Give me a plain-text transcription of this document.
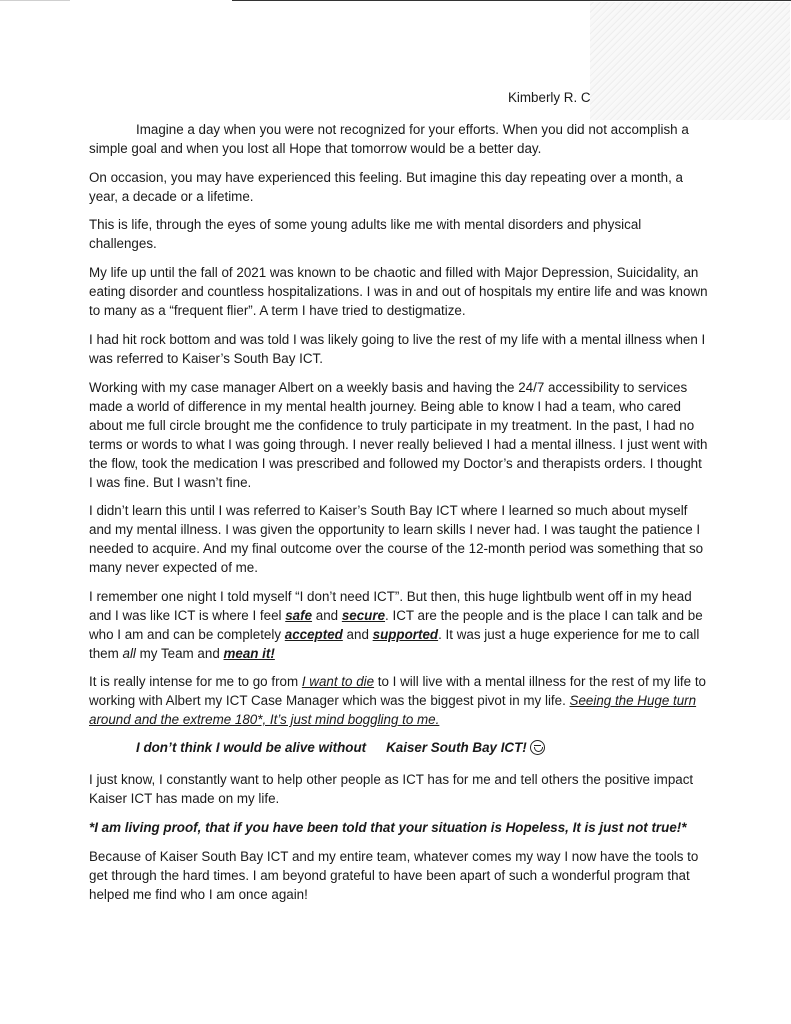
Kimberly R. C

Imagine a day when you were not recognized for your efforts. When you did not accomplish a simple goal and when you lost all Hope that tomorrow would be a better day.

On occasion, you may have experienced this feeling. But imagine this day repeating over a month, a year, a decade or a lifetime.

This is life, through the eyes of some young adults like me with mental disorders and physical challenges.

My life up until the fall of 2021 was known to be chaotic and filled with Major Depression, Suicidality, an eating disorder and countless hospitalizations. I was in and out of hospitals my entire life and was known to many as a “frequent flier”. A term I have tried to destigmatize.

I had hit rock bottom and was told I was likely going to live the rest of my life with a mental illness when I was referred to Kaiser’s South Bay ICT.

Working with my case manager Albert on a weekly basis and having the 24/7 accessibility to services made a world of difference in my mental health journey. Being able to know I had a team, who cared about me full circle brought me the confidence to truly participate in my treatment. In the past, I had no terms or words to what I was going through. I never really believed I had a mental illness. I just went with the flow, took the medication I was prescribed and followed my Doctor’s and therapists orders. I thought I was fine. But I wasn’t fine.

I didn’t learn this until I was referred to Kaiser’s South Bay ICT where I learned so much about myself and my mental illness. I was given the opportunity to learn skills I never had. I was taught the patience I needed to acquire. And my final outcome over the course of the 12-month period was something that so many never expected of me.

I remember one night I told myself “I don’t need ICT”. But then, this huge lightbulb went off in my head and I was like ICT is where I feel safe and secure. ICT are the people and is the place I can talk and be who I am and can be completely accepted and supported. It was just a huge experience for me to call them all my Team and mean it!

It is really intense for me to go from I want to die to I will live with a mental illness for the rest of my life to working with Albert my ICT Case Manager which was the biggest pivot in my life. Seeing the Huge turn around and the extreme 180*, It’s just mind boggling to me.

I don’t think I would be alive without Kaiser South Bay ICT!

I just know, I constantly want to help other people as ICT has for me and tell others the positive impact Kaiser ICT has made on my life.

*I am living proof, that if you have been told that your situation is Hopeless, It is just not true!*

Because of Kaiser South Bay ICT and my entire team, whatever comes my way I now have the tools to get through the hard times. I am beyond grateful to have been apart of such a wonderful program that helped me find who I am once again!
